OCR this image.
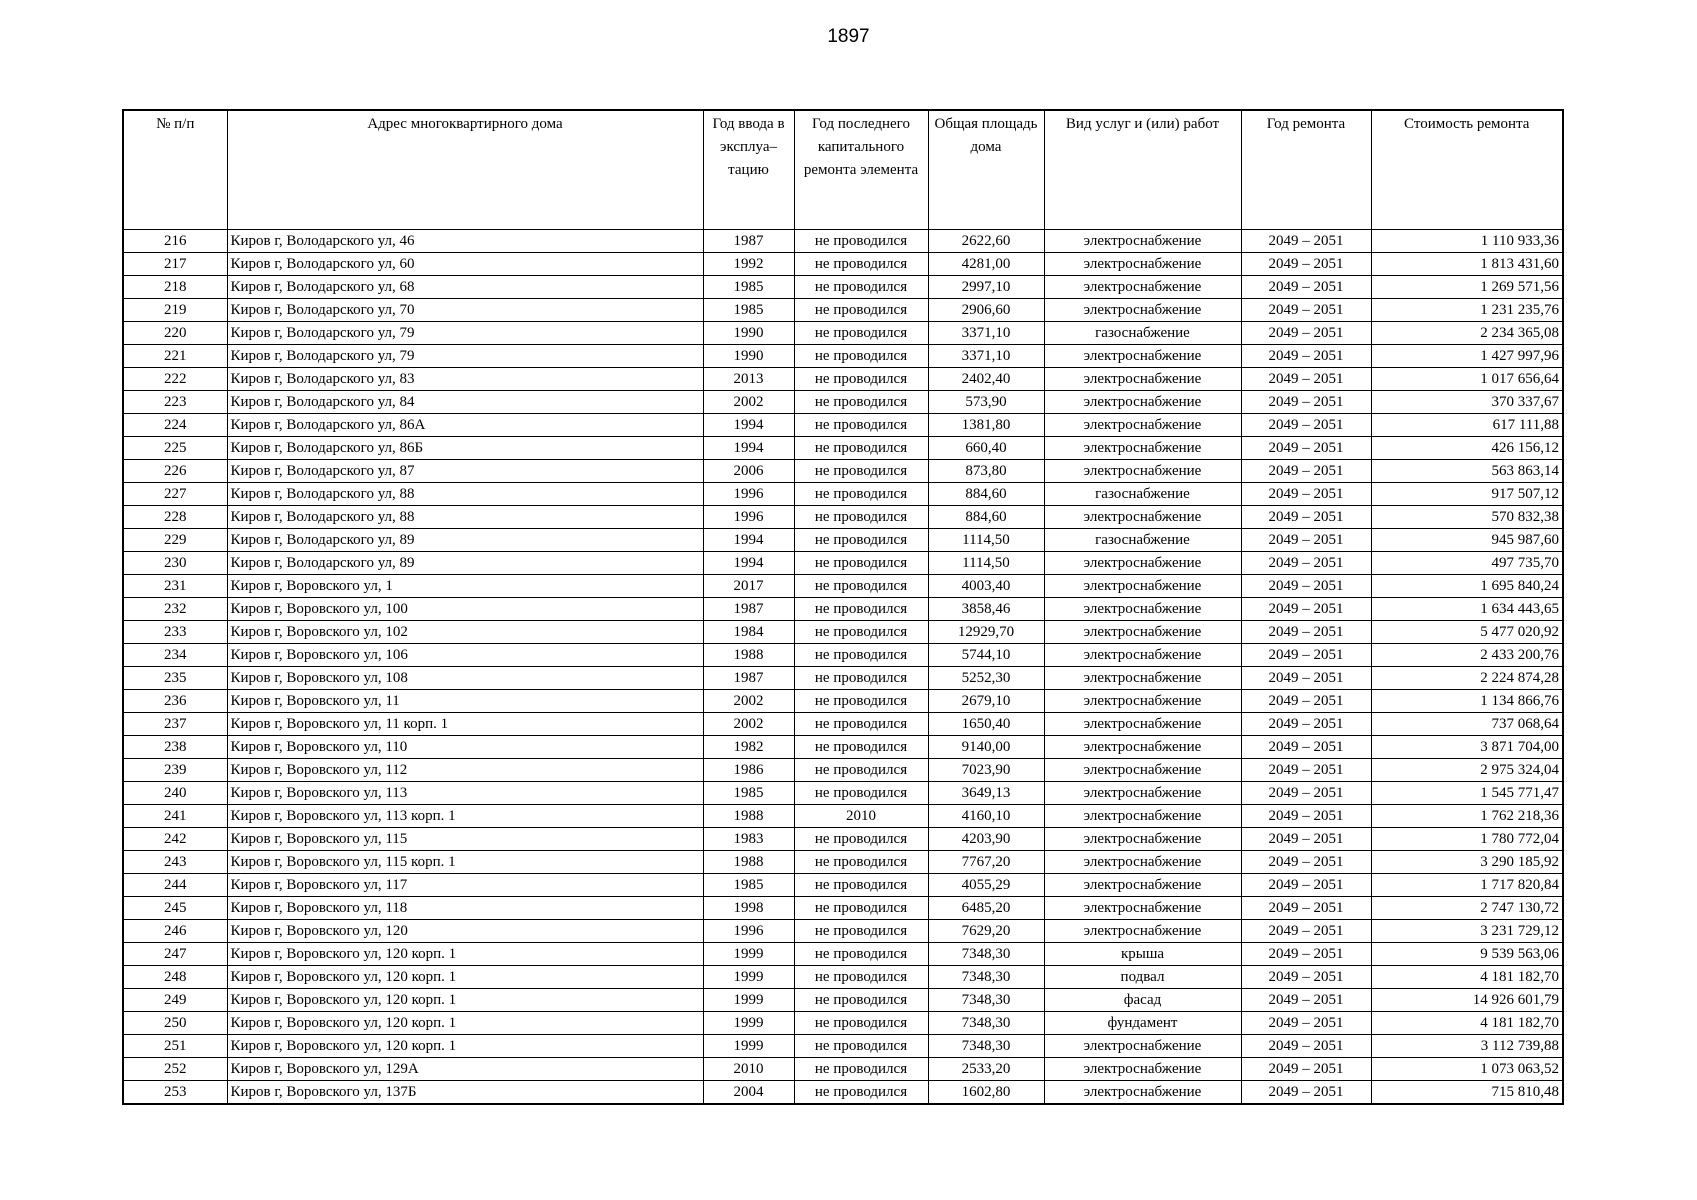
1897
№ п/п	Адрес многоквартирного дома	Год ввода в эксплуа– тацию	Год последнего капитального ремонта элемента	Общая площадь дома	Вид услуг и (или) работ	Год ремонта	Стоимость ремонта
216	Киров г, Володарского ул, 46	1987	не проводился	2622,60	электроснабжение	2049 – 2051	1 110 933,36
217	Киров г, Володарского ул, 60	1992	не проводился	4281,00	электроснабжение	2049 – 2051	1 813 431,60
218	Киров г, Володарского ул, 68	1985	не проводился	2997,10	электроснабжение	2049 – 2051	1 269 571,56
219	Киров г, Володарского ул, 70	1985	не проводился	2906,60	электроснабжение	2049 – 2051	1 231 235,76
220	Киров г, Володарского ул, 79	1990	не проводился	3371,10	газоснабжение	2049 – 2051	2 234 365,08
221	Киров г, Володарского ул, 79	1990	не проводился	3371,10	электроснабжение	2049 – 2051	1 427 997,96
222	Киров г, Володарского ул, 83	2013	не проводился	2402,40	электроснабжение	2049 – 2051	1 017 656,64
223	Киров г, Володарского ул, 84	2002	не проводился	573,90	электроснабжение	2049 – 2051	370 337,67
224	Киров г, Володарского ул, 86А	1994	не проводился	1381,80	электроснабжение	2049 – 2051	617 111,88
225	Киров г, Володарского ул, 86Б	1994	не проводился	660,40	электроснабжение	2049 – 2051	426 156,12
226	Киров г, Володарского ул, 87	2006	не проводился	873,80	электроснабжение	2049 – 2051	563 863,14
227	Киров г, Володарского ул, 88	1996	не проводился	884,60	газоснабжение	2049 – 2051	917 507,12
228	Киров г, Володарского ул, 88	1996	не проводился	884,60	электроснабжение	2049 – 2051	570 832,38
229	Киров г, Володарского ул, 89	1994	не проводился	1114,50	газоснабжение	2049 – 2051	945 987,60
230	Киров г, Володарского ул, 89	1994	не проводился	1114,50	электроснабжение	2049 – 2051	497 735,70
231	Киров г, Воровского ул, 1	2017	не проводился	4003,40	электроснабжение	2049 – 2051	1 695 840,24
232	Киров г, Воровского ул, 100	1987	не проводился	3858,46	электроснабжение	2049 – 2051	1 634 443,65
233	Киров г, Воровского ул, 102	1984	не проводился	12929,70	электроснабжение	2049 – 2051	5 477 020,92
234	Киров г, Воровского ул, 106	1988	не проводился	5744,10	электроснабжение	2049 – 2051	2 433 200,76
235	Киров г, Воровского ул, 108	1987	не проводился	5252,30	электроснабжение	2049 – 2051	2 224 874,28
236	Киров г, Воровского ул, 11	2002	не проводился	2679,10	электроснабжение	2049 – 2051	1 134 866,76
237	Киров г, Воровского ул, 11 корп. 1	2002	не проводился	1650,40	электроснабжение	2049 – 2051	737 068,64
238	Киров г, Воровского ул, 110	1982	не проводился	9140,00	электроснабжение	2049 – 2051	3 871 704,00
239	Киров г, Воровского ул, 112	1986	не проводился	7023,90	электроснабжение	2049 – 2051	2 975 324,04
240	Киров г, Воровского ул, 113	1985	не проводился	3649,13	электроснабжение	2049 – 2051	1 545 771,47
241	Киров г, Воровского ул, 113 корп. 1	1988	2010	4160,10	электроснабжение	2049 – 2051	1 762 218,36
242	Киров г, Воровского ул, 115	1983	не проводился	4203,90	электроснабжение	2049 – 2051	1 780 772,04
243	Киров г, Воровского ул, 115 корп. 1	1988	не проводился	7767,20	электроснабжение	2049 – 2051	3 290 185,92
244	Киров г, Воровского ул, 117	1985	не проводился	4055,29	электроснабжение	2049 – 2051	1 717 820,84
245	Киров г, Воровского ул, 118	1998	не проводился	6485,20	электроснабжение	2049 – 2051	2 747 130,72
246	Киров г, Воровского ул, 120	1996	не проводился	7629,20	электроснабжение	2049 – 2051	3 231 729,12
247	Киров г, Воровского ул, 120 корп. 1	1999	не проводился	7348,30	крыша	2049 – 2051	9 539 563,06
248	Киров г, Воровского ул, 120 корп. 1	1999	не проводился	7348,30	подвал	2049 – 2051	4 181 182,70
249	Киров г, Воровского ул, 120 корп. 1	1999	не проводился	7348,30	фасад	2049 – 2051	14 926 601,79
250	Киров г, Воровского ул, 120 корп. 1	1999	не проводился	7348,30	фундамент	2049 – 2051	4 181 182,70
251	Киров г, Воровского ул, 120 корп. 1	1999	не проводился	7348,30	электроснабжение	2049 – 2051	3 112 739,88
252	Киров г, Воровского ул, 129А	2010	не проводился	2533,20	электроснабжение	2049 – 2051	1 073 063,52
253	Киров г, Воровского ул, 137Б	2004	не проводился	1602,80	электроснабжение	2049 – 2051	715 810,48
